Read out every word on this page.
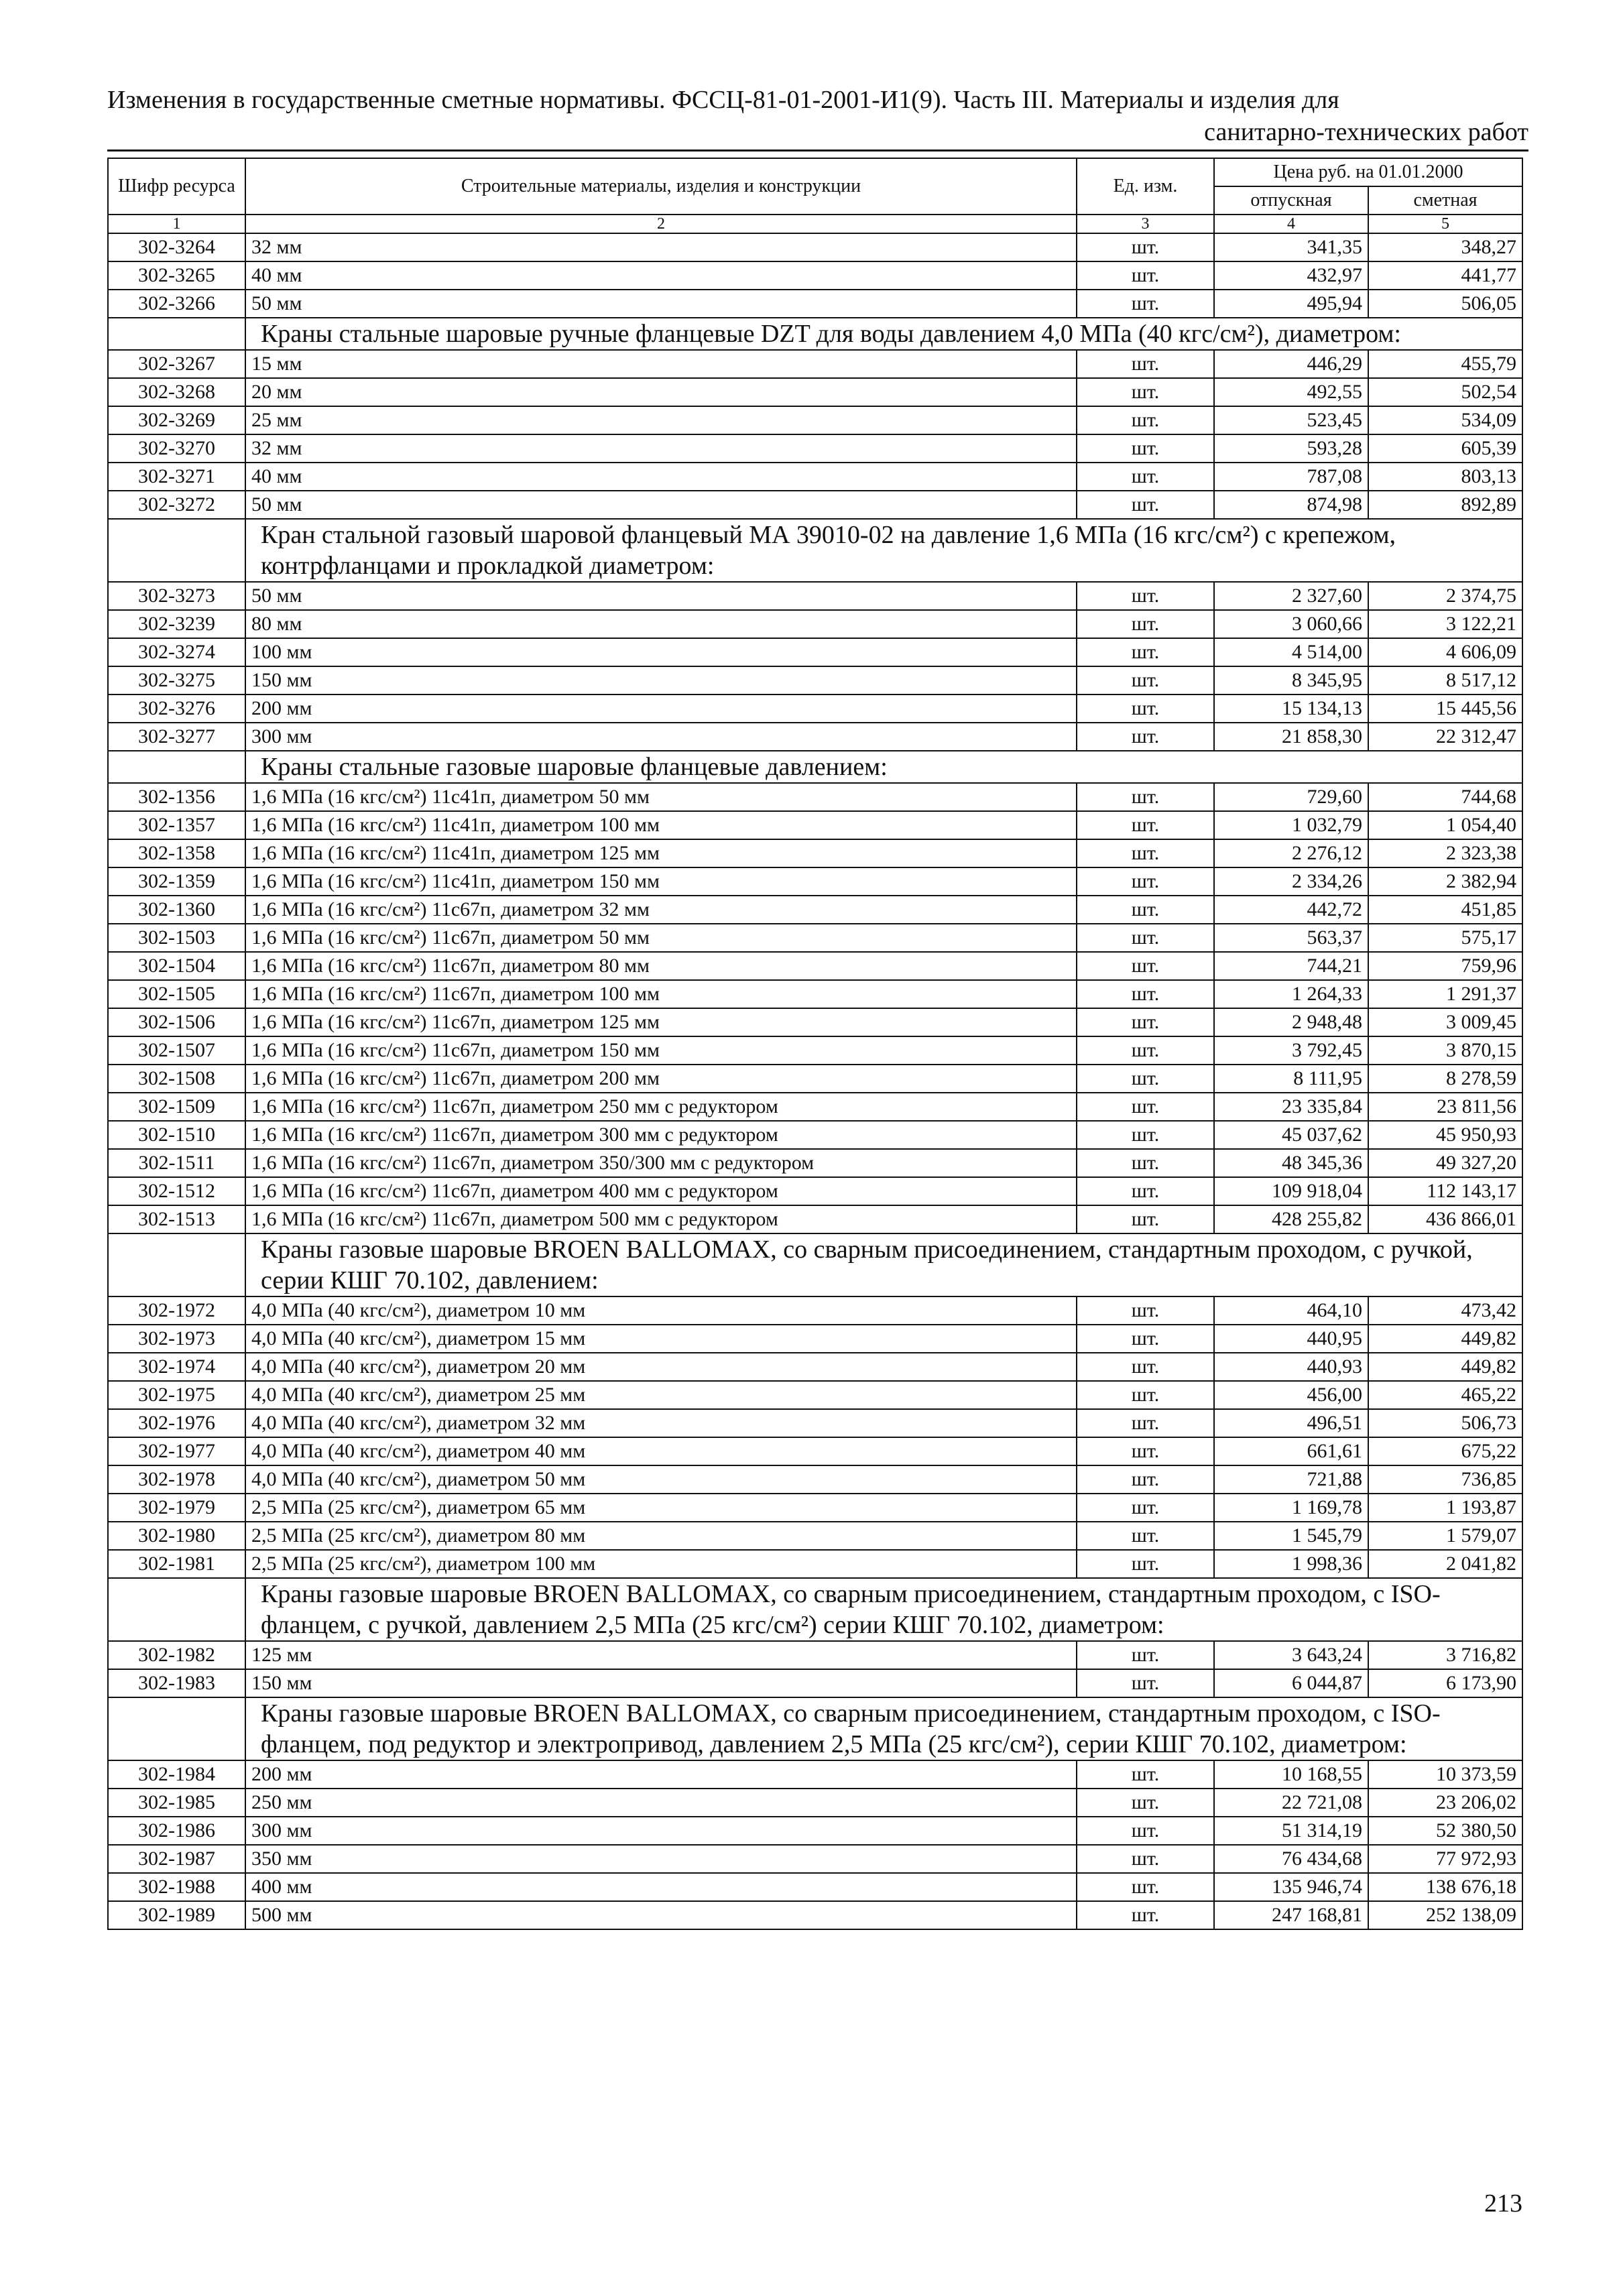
Изменения в государственные сметные нормативы. ФССЦ-81-01-2001-И1(9). Часть III. Материалы и изделия для
санитарно-технических работ
Шифр ресурса	Строительные материалы, изделия и конструкции	Ед. изм.	Цена руб. на 01.01.2000	
			отпускная	сметная
1	2	3	4	5
302-3264	32 мм	шт.	341,35	348,27
302-3265	40 мм	шт.	432,97	441,77
302-3266	50 мм	шт.	495,94	506,05
	Краны стальные шаровые ручные фланцевые DZT для воды давлением 4,0 МПа (40 кгс/см²), диаметром:			
302-3267	15 мм	шт.	446,29	455,79
302-3268	20 мм	шт.	492,55	502,54
302-3269	25 мм	шт.	523,45	534,09
302-3270	32 мм	шт.	593,28	605,39
302-3271	40 мм	шт.	787,08	803,13
302-3272	50 мм	шт.	874,98	892,89
	Кран стальной газовый шаровой фланцевый МА 39010-02 на давление 1,6 МПа (16 кгс/см²) с крепежом, контрфланцами и прокладкой диаметром:			
302-3273	50 мм	шт.	2 327,60	2 374,75
302-3239	80 мм	шт.	3 060,66	3 122,21
302-3274	100 мм	шт.	4 514,00	4 606,09
302-3275	150 мм	шт.	8 345,95	8 517,12
302-3276	200 мм	шт.	15 134,13	15 445,56
302-3277	300 мм	шт.	21 858,30	22 312,47
	Краны стальные газовые шаровые фланцевые давлением:			
302-1356	1,6 МПа (16 кгс/см²) 11с41п, диаметром 50 мм	шт.	729,60	744,68
302-1357	1,6 МПа (16 кгс/см²) 11с41п, диаметром 100 мм	шт.	1 032,79	1 054,40
302-1358	1,6 МПа (16 кгс/см²) 11с41п, диаметром 125 мм	шт.	2 276,12	2 323,38
302-1359	1,6 МПа (16 кгс/см²) 11с41п, диаметром 150 мм	шт.	2 334,26	2 382,94
302-1360	1,6 МПа (16 кгс/см²) 11с67п, диаметром 32 мм	шт.	442,72	451,85
302-1503	1,6 МПа (16 кгс/см²) 11с67п, диаметром 50 мм	шт.	563,37	575,17
302-1504	1,6 МПа (16 кгс/см²) 11с67п, диаметром 80 мм	шт.	744,21	759,96
302-1505	1,6 МПа (16 кгс/см²) 11с67п, диаметром 100 мм	шт.	1 264,33	1 291,37
302-1506	1,6 МПа (16 кгс/см²) 11с67п, диаметром 125 мм	шт.	2 948,48	3 009,45
302-1507	1,6 МПа (16 кгс/см²) 11с67п, диаметром 150 мм	шт.	3 792,45	3 870,15
302-1508	1,6 МПа (16 кгс/см²) 11с67п, диаметром 200 мм	шт.	8 111,95	8 278,59
302-1509	1,6 МПа (16 кгс/см²) 11с67п, диаметром 250 мм с редуктором	шт.	23 335,84	23 811,56
302-1510	1,6 МПа (16 кгс/см²) 11с67п, диаметром 300 мм с редуктором	шт.	45 037,62	45 950,93
302-1511	1,6 МПа (16 кгс/см²) 11с67п, диаметром 350/300 мм с редуктором	шт.	48 345,36	49 327,20
302-1512	1,6 МПа (16 кгс/см²) 11с67п, диаметром 400 мм с редуктором	шт.	109 918,04	112 143,17
302-1513	1,6 МПа (16 кгс/см²) 11с67п, диаметром 500 мм с редуктором	шт.	428 255,82	436 866,01
	Краны газовые шаровые BROEN BALLOMAX, со сварным присоединением, стандартным проходом, с ручкой, серии КШГ 70.102, давлением:			
302-1972	4,0 МПа (40 кгс/см²), диаметром 10 мм	шт.	464,10	473,42
302-1973	4,0 МПа (40 кгс/см²), диаметром 15 мм	шт.	440,95	449,82
302-1974	4,0 МПа (40 кгс/см²), диаметром 20 мм	шт.	440,93	449,82
302-1975	4,0 МПа (40 кгс/см²), диаметром 25 мм	шт.	456,00	465,22
302-1976	4,0 МПа (40 кгс/см²), диаметром 32 мм	шт.	496,51	506,73
302-1977	4,0 МПа (40 кгс/см²), диаметром 40 мм	шт.	661,61	675,22
302-1978	4,0 МПа (40 кгс/см²), диаметром 50 мм	шт.	721,88	736,85
302-1979	2,5 МПа (25 кгс/см²), диаметром 65 мм	шт.	1 169,78	1 193,87
302-1980	2,5 МПа (25 кгс/см²), диаметром 80 мм	шт.	1 545,79	1 579,07
302-1981	2,5 МПа (25 кгс/см²), диаметром 100 мм	шт.	1 998,36	2 041,82
	Краны газовые шаровые BROEN BALLOMAX, со сварным присоединением, стандартным проходом, с ISO-фланцем, с ручкой, давлением 2,5 МПа (25 кгс/см²) серии КШГ 70.102, диаметром:			
302-1982	125 мм	шт.	3 643,24	3 716,82
302-1983	150 мм	шт.	6 044,87	6 173,90
	Краны газовые шаровые BROEN BALLOMAX, со сварным присоединением, стандартным проходом, с ISO-фланцем, под редуктор и электропривод, давлением 2,5 МПа (25 кгс/см²), серии КШГ 70.102, диаметром:			
302-1984	200 мм	шт.	10 168,55	10 373,59
302-1985	250 мм	шт.	22 721,08	23 206,02
302-1986	300 мм	шт.	51 314,19	52 380,50
302-1987	350 мм	шт.	76 434,68	77 972,93
302-1988	400 мм	шт.	135 946,74	138 676,18
302-1989	500 мм	шт.	247 168,81	252 138,09
213
